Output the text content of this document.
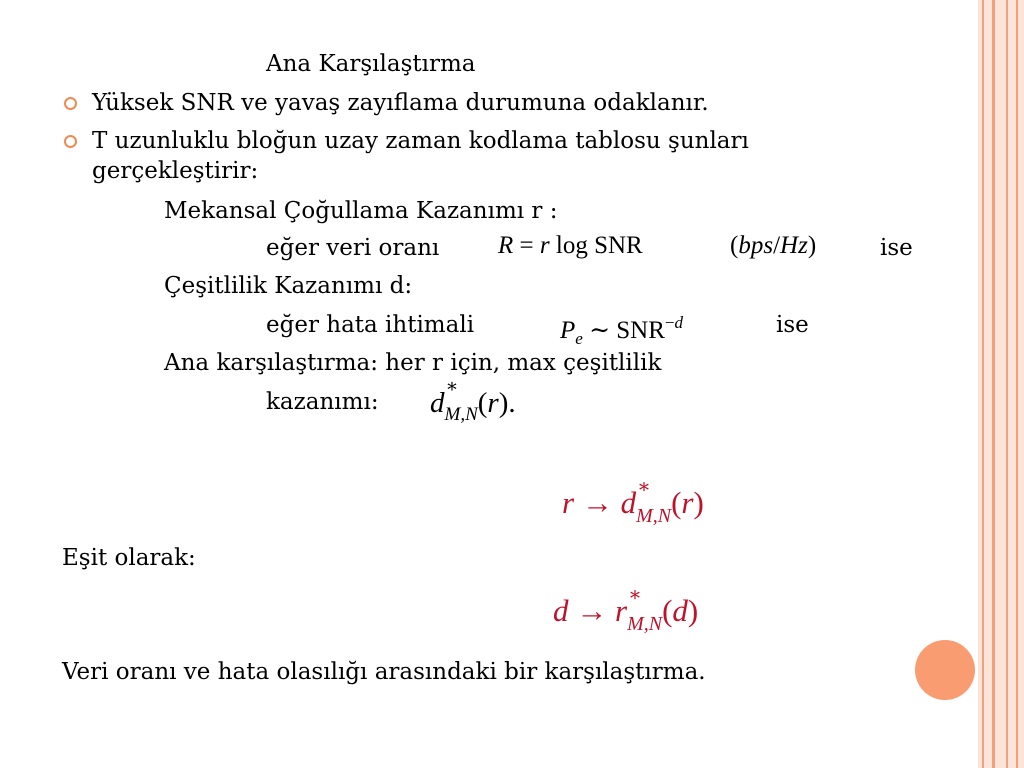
Ana Karşılaştırma
Yüksek SNR ve yavaş zayıflama durumuna odaklanır.
T uzunluklu bloğun uzay zaman kodlama tablosu şunları
gerçekleştirir:
Mekansal Çoğullama Kazanımı r :
eğer veri oranı R = r log SNR	(bps/Hz)	ise
Çeşitlilik Kazanımı d:
eğer hata ihtimali	$P_e$ ∼ $SNR^{-d}$	ise
Ana karşılaştırma: her r için, max çeşitlilik
kazanımı: d
∗
$_{M,N}$(r).
r → d ∗
$_{M,N}$(r)
Eşit olarak:
d → r ∗
$_{M,N}$(d)
Veri oranı ve hata olasılığı arasındaki bir karşılaştırma.
